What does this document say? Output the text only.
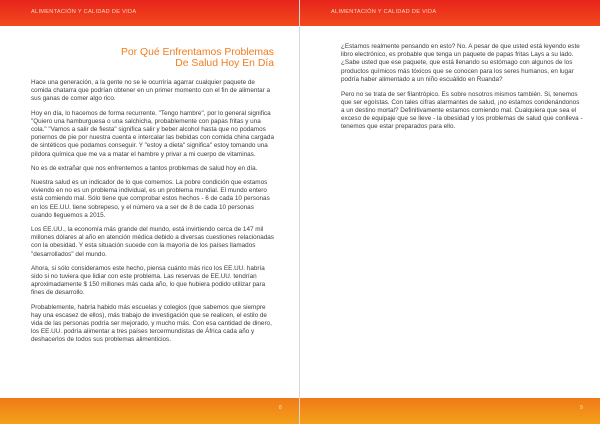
ALIMENTACIÓN Y CALIDAD DE VIDA
Por Qué Enfrentamos Problemas
De Salud Hoy En Día

Hace una generación, a la gente no se le ocurriría agarrar cualquier paquete de comida chatarra que podrían obtener en un primer momento con el fin de alimentar a sus ganas de comer algo rico.

Hoy en día, lo hacemos de forma recurrente. "Tengo hambre", por lo general significa "Quiero una hamburguesa o una salchicha, probablemente con papas fritas y una cola." "Vamos a salir de fiesta" significa salir y beber alcohol hasta que no podamos ponernos de pie por nuestra cuenta e intercalar las bebidas con comida china cargada de sintéticos que podamos conseguir. Y "estoy a dieta" significa" estoy tomando una píldora química que me va a matar el hambre y privar a mi cuerpo de vitaminas.

No es de extrañar que nos enfrentemos a tantos problemas de salud hoy en día.

Nuestra salud es un indicador de lo que comemos. La pobre condición que estamos viviendo en no es un problema individual, es un problema mundial. El mundo entero está comiendo mal. Sólo tiene que comprobar estos hechos - 6 de cada 10 personas en los EE.UU. tiene sobrepeso, y el número va a ser de 8 de cada 10 personas cuando lleguemos a 2015.

Los EE.UU., la economía más grande del mundo, está invirtiendo cerca de 147 mil millones dólares al año en atención médica debido a diversas cuestiones relacionadas con la obesidad. Y esta situación sucede con la mayoría de los países llamados "desarrollados" del mundo.

Ahora, si sólo consideramos este hecho, piensa cuánto más rico los EE.UU. habría sido si no tuviera que lidiar con este problema. Las reservas de EE.UU. tendrían aproximadamente $ 150 millones más cada año, lo que hubiera podido utilizar para fines de desarrollo.

Probablemente, habría habido más escuelas y colegios (que sabemos que siempre hay una escasez de ellos), más trabajo de investigación que se realicen, el estilo de vida de las personas podría ser mejorado, y mucho más. Con esa cantidad de dinero, los EE.UU. podría alimentar a tres países tercermundistas de África cada año y deshacerlos de todos sus problemas alimenticios.

8
ALIMENTACIÓN Y CALIDAD DE VIDA

¿Estamos realmente pensando en esto? No. A pesar de que usted está leyendo este libro electrónico, es probable que tenga un paquete de papas fritas Lays a su lado. ¿Sabe usted que ese paquete, que está llenando su estómago con algunos de los productos químicos más tóxicos que se conocen para los seres humanos, en lugar podría haber alimentado a un niño escuálido en Ruanda?

Pero no se trata de ser filantrópico. Es sobre nosotros mismos también. Si, tenemos que ser egoístas. Con tales cifras alarmantes de salud, ¡no estamos condenándonos a un destino mortal? Definitivamente estamos comiendo mal. Cualquiera que sea el exceso de equipaje que se lleve - la obesidad y los problemas de salud que conlleva - tenemos que estar preparados para ello.

9
